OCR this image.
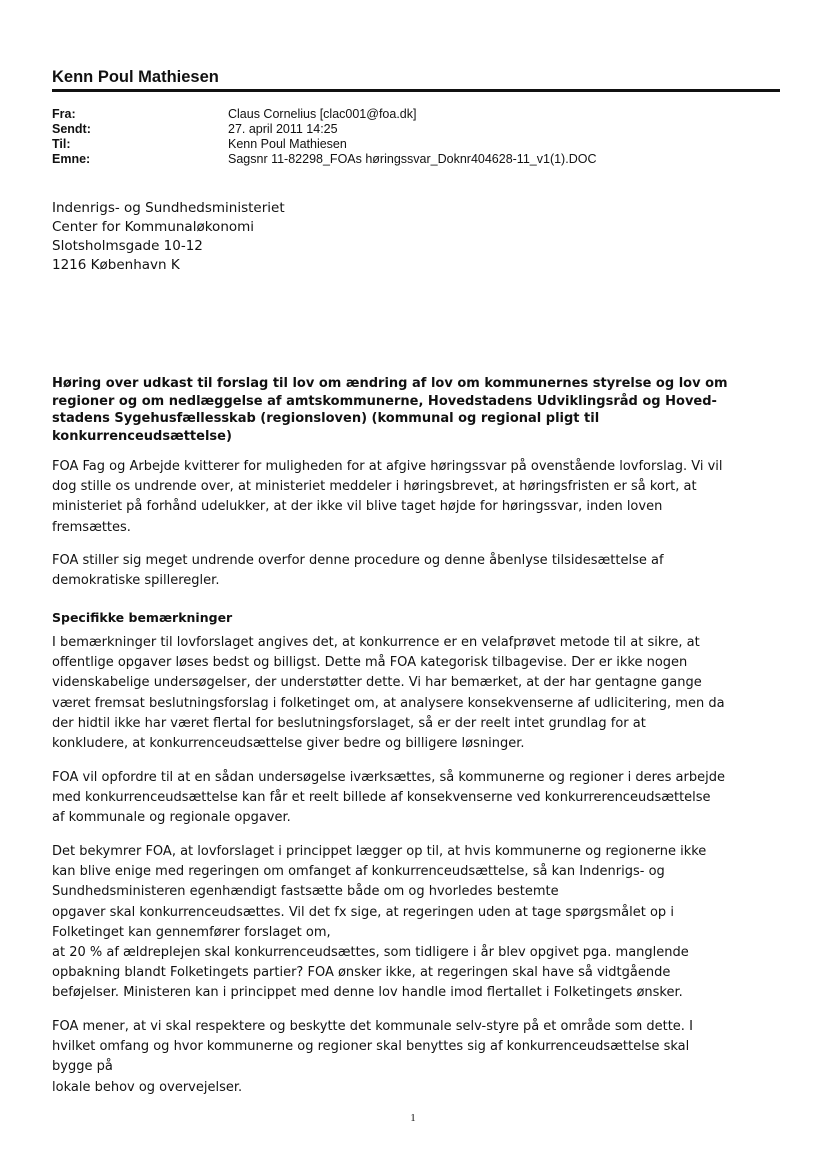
Kenn Poul Mathiesen
Fra:	Claus Cornelius [clac001@foa.dk]
Sendt:	27. april 2011 14:25
Til:	Kenn Poul Mathiesen
Emne:	Sagsnr 11-82298_FOAs høringssvar_Doknr404628-11_v1(1).DOC
Indenrigs- og Sundhedsministeriet
Center for Kommunaløkonomi
Slotsholmsgade 10-12
1216 København K
Høring over udkast til forslag til lov om ændring af lov om kommunernes styrelse og lov om
regioner og om nedlæggelse af amtskommunerne, Hovedstadens Udviklingsråd og Hoved-
stadens Sygehusfællesskab (regionsloven) (kommunal og regional pligt til
konkurrenceudsættelse)
FOA Fag og Arbejde kvitterer for muligheden for at afgive høringssvar på ovenstående lovforslag. Vi vil
dog stille os undrende over, at ministeriet meddeler i høringsbrevet, at høringsfristen er så kort, at
ministeriet på forhånd udelukker, at der ikke vil blive taget højde for høringssvar, inden loven
fremsættes.
FOA stiller sig meget undrende overfor denne procedure og denne åbenlyse tilsidesættelse af
demokratiske spilleregler.
Specifikke bemærkninger
I bemærkninger til lovforslaget angives det, at konkurrence er en velafprøvet metode til at sikre, at
offentlige opgaver løses bedst og billigst. Dette må FOA kategorisk tilbagevise. Der er ikke nogen
videnskabelige undersøgelser, der understøtter dette. Vi har bemærket, at der har gentagne gange
været fremsat beslutningsforslag i folketinget om, at analysere konsekvenserne af udlicitering, men da
der hidtil ikke har været flertal for beslutningsforslaget, så er der reelt intet grundlag for at
konkludere, at konkurrenceudsættelse giver bedre og billigere løsninger.
FOA vil opfordre til at en sådan undersøgelse iværksættes, så kommunerne og regioner i deres arbejde
med konkurrenceudsættelse kan får et reelt billede af konsekvenserne ved konkurrerenceudsættelse
af kommunale og regionale opgaver.
Det bekymrer FOA, at lovforslaget i princippet lægger op til, at hvis kommunerne og regionerne ikke
kan blive enige med regeringen om omfanget af konkurrenceudsættelse, så kan Indenrigs- og
Sundhedsministeren egenhændigt fastsætte både om og hvorledes bestemte
opgaver skal konkurrenceudsættes. Vil det fx sige, at regeringen uden at tage spørgsmålet op i
Folketinget kan gennemfører forslaget om,
at 20 % af ældreplejen skal konkurrenceudsættes, som tidligere i år blev opgivet pga. manglende
opbakning blandt Folketingets partier? FOA ønsker ikke, at regeringen skal have så vidtgående
beføjelser. Ministeren kan i princippet med denne lov handle imod flertallet i Folketingets ønsker.
FOA mener, at vi skal respektere og beskytte det kommunale selv-styre på et område som dette. I
hvilket omfang og hvor kommunerne og regioner skal benyttes sig af konkurrenceudsættelse skal
bygge på
lokale behov og overvejelser.
1
